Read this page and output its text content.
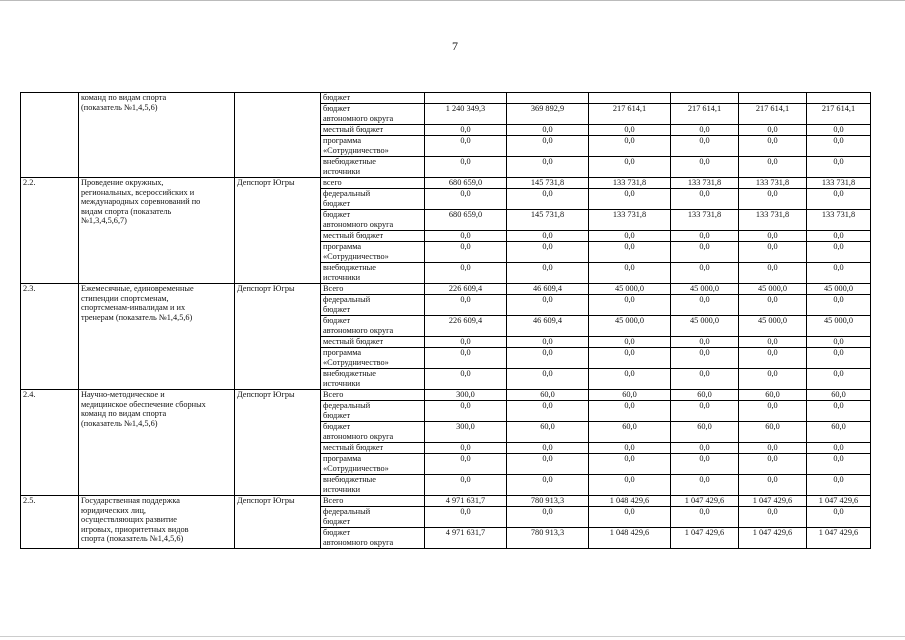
7
	команд по видам спорта
(показатель №1,4,5,6)		бюджет						
			бюджет
автономного округа	1 240 349,3	369 892,9	217 614,1	217 614,1	217 614,1	217 614,1
			местный бюджет	0,0	0,0	0,0	0,0	0,0	0,0
			программа
«Сотрудничество»	0,0	0,0	0,0	0,0	0,0	0,0
			внебюджетные
источники	0,0	0,0	0,0	0,0	0,0	0,0
2.2.	Проведение окружных,
региональных, всероссийских и
международных соревнований по
видам спорта (показатель
№1,3,4,5,6,7)	Депспорт Югры	всего	680 659,0	145 731,8	133 731,8	133 731,8	133 731,8	133 731,8
			федеральный
бюджет	0,0	0,0	0,0	0,0	0,0	0,0
			бюджет
автономного округа	680 659,0	145 731,8	133 731,8	133 731,8	133 731,8	133 731,8
			местный бюджет	0,0	0,0	0,0	0,0	0,0	0,0
			программа
«Сотрудничество»	0,0	0,0	0,0	0,0	0,0	0,0
			внебюджетные
источники	0,0	0,0	0,0	0,0	0,0	0,0
2.3.	Ежемесячные, единовременные
стипендии спортсменам,
спортсменам-инвалидам и их
тренерам (показатель №1,4,5,6)	Депспорт Югры	Всего	226 609,4	46 609,4	45 000,0	45 000,0	45 000,0	45 000,0
			федеральный
бюджет	0,0	0,0	0,0	0,0	0,0	0,0
			бюджет
автономного округа	226 609,4	46 609,4	45 000,0	45 000,0	45 000,0	45 000,0
			местный бюджет	0,0	0,0	0,0	0,0	0,0	0,0
			программа
«Сотрудничество»	0,0	0,0	0,0	0,0	0,0	0,0
			внебюджетные
источники	0,0	0,0	0,0	0,0	0,0	0,0
2.4.	Научно-методическое и
медицинское обеспечение сборных
команд по видам спорта
(показатель №1,4,5,6)	Депспорт Югры	Всего	300,0	60,0	60,0	60,0	60,0	60,0
			федеральный
бюджет	0,0	0,0	0,0	0,0	0,0	0,0
			бюджет
автономного округа	300,0	60,0	60,0	60,0	60,0	60,0
			местный бюджет	0,0	0,0	0,0	0,0	0,0	0,0
			программа
«Сотрудничество»	0,0	0,0	0,0	0,0	0,0	0,0
			внебюджетные
источники	0,0	0,0	0,0	0,0	0,0	0,0
2.5.	Государственная поддержка
юридических лиц,
осуществляющих развитие
игровых, приоритетных видов
спорта (показатель №1,4,5,6)	Депспорт Югры	Всего	4 971 631,7	780 913,3	1 048 429,6	1 047 429,6	1 047 429,6	1 047 429,6
			федеральный
бюджет	0,0	0,0	0,0	0,0	0,0	0,0
			бюджет
автономного округа	4 971 631,7	780 913,3	1 048 429,6	1 047 429,6	1 047 429,6	1 047 429,6
